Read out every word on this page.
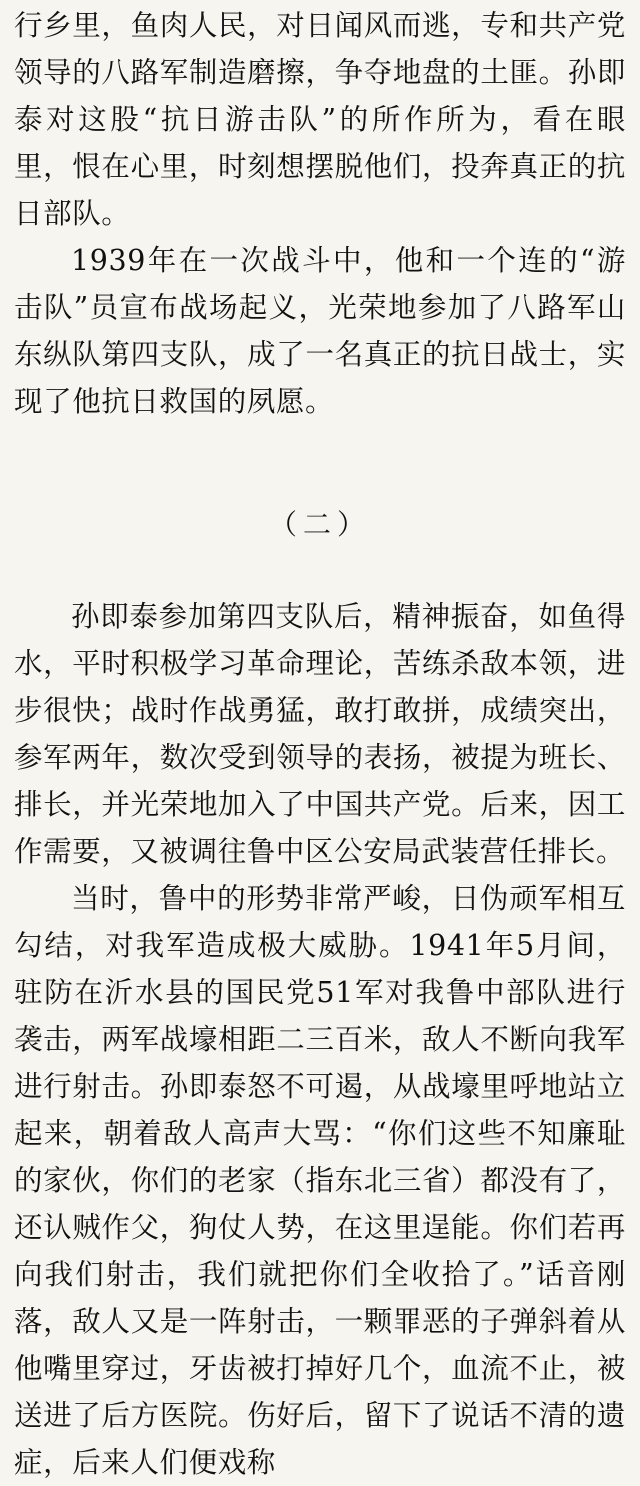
行乡里，鱼肉人民，对日闻风而逃，专和共产党领导的八路军制造磨擦，争夺地盘的土匪。孙即泰对这股“抗日游击队”的所作所为，看在眼里，恨在心里，时刻想摆脱他们，投奔真正的抗日部队。

1939年在一次战斗中，他和一个连的“游击队”员宣布战场起义，光荣地参加了八路军山东纵队第四支队，成了一名真正的抗日战士，实现了他抗日救国的夙愿。

（二）

孙即泰参加第四支队后，精神振奋，如鱼得水，平时积极学习革命理论，苦练杀敌本领，进步很快；战时作战勇猛，敢打敢拼，成绩突出，参军两年，数次受到领导的表扬，被提为班长、排长，并光荣地加入了中国共产党。后来，因工作需要，又被调往鲁中区公安局武装营任排长。

当时，鲁中的形势非常严峻，日伪顽军相互勾结，对我军造成极大威胁。1941年5月间，驻防在沂水县的国民党51军对我鲁中部队进行袭击，两军战壕相距二三百米，敌人不断向我军进行射击。孙即泰怒不可遏，从战壕里呼地站立起来，朝着敌人高声大骂：“你们这些不知廉耻的家伙，你们的老家（指东北三省）都没有了，还认贼作父，狗仗人势，在这里逞能。你们若再向我们射击，我们就把你们全收拾了。”话音刚落，敌人又是一阵射击，一颗罪恶的子弹斜着从他嘴里穿过，牙齿被打掉好几个，血流不止，被送进了后方医院。伤好后，留下了说话不清的遗症，后来人们便戏称
